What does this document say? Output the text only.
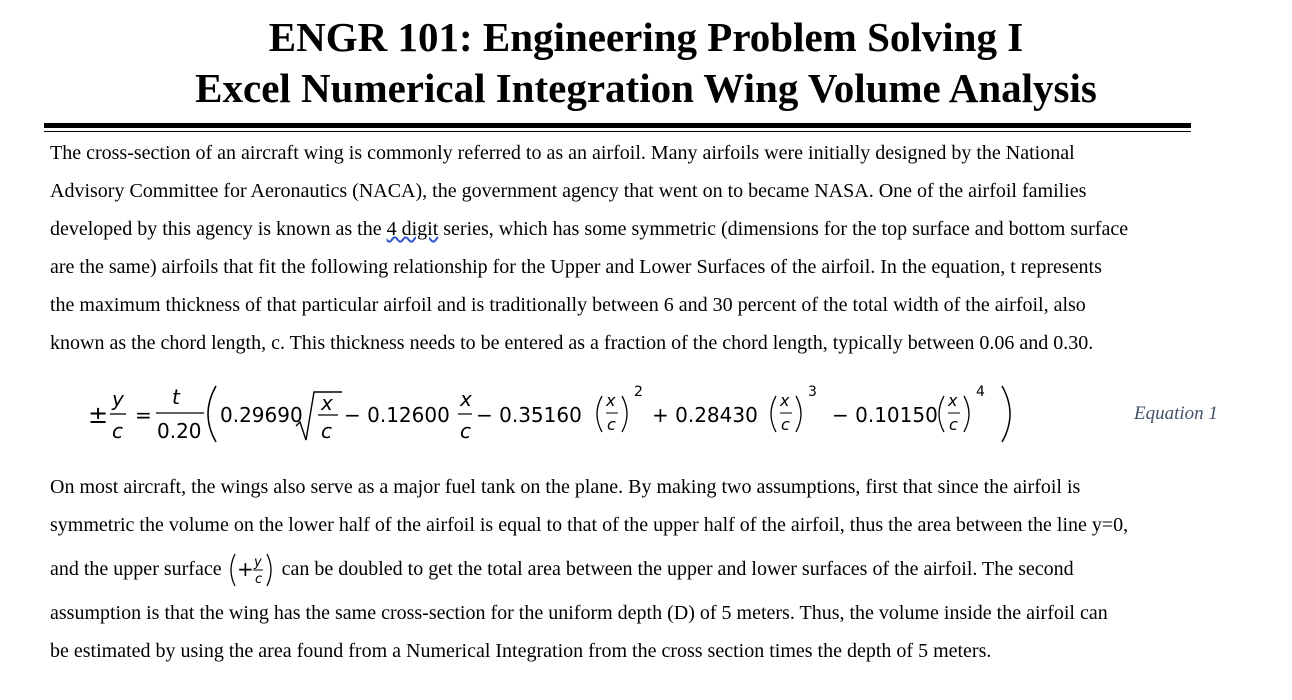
ENGR 101: Engineering Problem Solving I
Excel Numerical Integration Wing Volume Analysis
The cross-section of an aircraft wing is commonly referred to as an airfoil. Many airfoils were initially designed by the National
Advisory Committee for Aeronautics (NACA), the government agency that went on to became NASA. One of the airfoil families
developed by this agency is known as the 4 digit series, which has some symmetric (dimensions for the top surface and bottom surface
are the same) airfoils that fit the following relationship for the Upper and Lower Surfaces of the airfoil. In the equation, t represents
the maximum thickness of that particular airfoil and is traditionally between 6 and 30 percent of the total width of the airfoil, also
known as the chord length, c. This thickness needs to be entered as a fraction of the chord length, typically between 0.06 and 0.30.
±
y
c
=
t
0.20
0.29690 x
c
− 0.12600
x
c
− 0.35160
x
c
2
+ 0.28430
x
c
3
− 0.10150
x
c
4
Equation 1
On most aircraft, the wings also serve as a major fuel tank on the plane. By making two assumptions, first that since the airfoil is
symmetric the volume on the lower half of the airfoil is equal to that of the upper half of the airfoil, thus the area between the line y=0,
and the upper surface + y
c can be doubled to get the total area between the upper and lower surfaces of the airfoil. The second
assumption is that the wing has the same cross-section for the uniform depth (D) of 5 meters. Thus, the volume inside the airfoil can
be estimated by using the area found from a Numerical Integration from the cross section times the depth of 5 meters.
